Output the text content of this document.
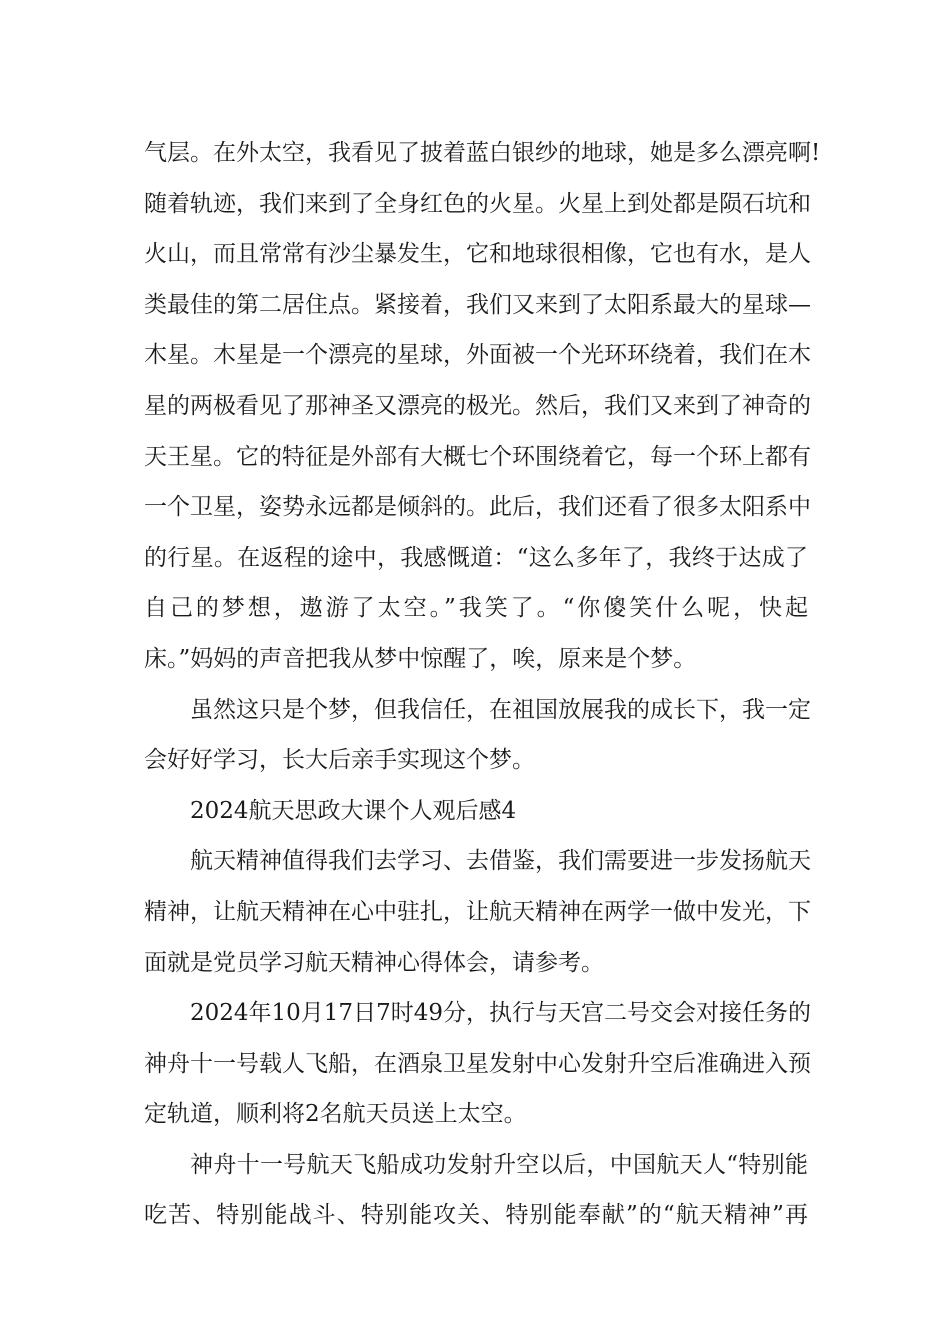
气层。在外太空，我看见了披着蓝白银纱的地球，她是多么漂亮啊!
随着轨迹，我们来到了全身红色的火星。火星上到处都是陨石坑和
火山，而且常常有沙尘暴发生，它和地球很相像，它也有水，是人
类最佳的第二居住点。紧接着，我们又来到了太阳系最大的星球—
木星。木星是一个漂亮的星球，外面被一个光环环绕着，我们在木
星的两极看见了那神圣又漂亮的极光。然后，我们又来到了神奇的
天王星。它的特征是外部有大概七个环围绕着它，每一个环上都有
一个卫星，姿势永远都是倾斜的。此后，我们还看了很多太阳系中
的行星。在返程的途中，我感慨道：“这么多年了，我终于达成了
自己的梦想，遨游了太空。”我笑了。“你傻笑什么呢，快起
床。”妈妈的声音把我从梦中惊醒了，唉，原来是个梦。

虽然这只是个梦，但我信任，在祖国放展我的成长下，我一定
会好好学习，长大后亲手实现这个梦。

2024航天思政大课个人观后感4

航天精神值得我们去学习、去借鉴，我们需要进一步发扬航天
精神，让航天精神在心中驻扎，让航天精神在两学一做中发光，下
面就是党员学习航天精神心得体会，请参考。

2024年10月17日7时49分，执行与天宫二号交会对接任务的
神舟十一号载人飞船，在酒泉卫星发射中心发射升空后准确进入预
定轨道，顺利将2名航天员送上太空。

神舟十一号航天飞船成功发射升空以后，中国航天人“特别能
吃苦、特别能战斗、特别能攻关、特别能奉献”的“航天精神”再
